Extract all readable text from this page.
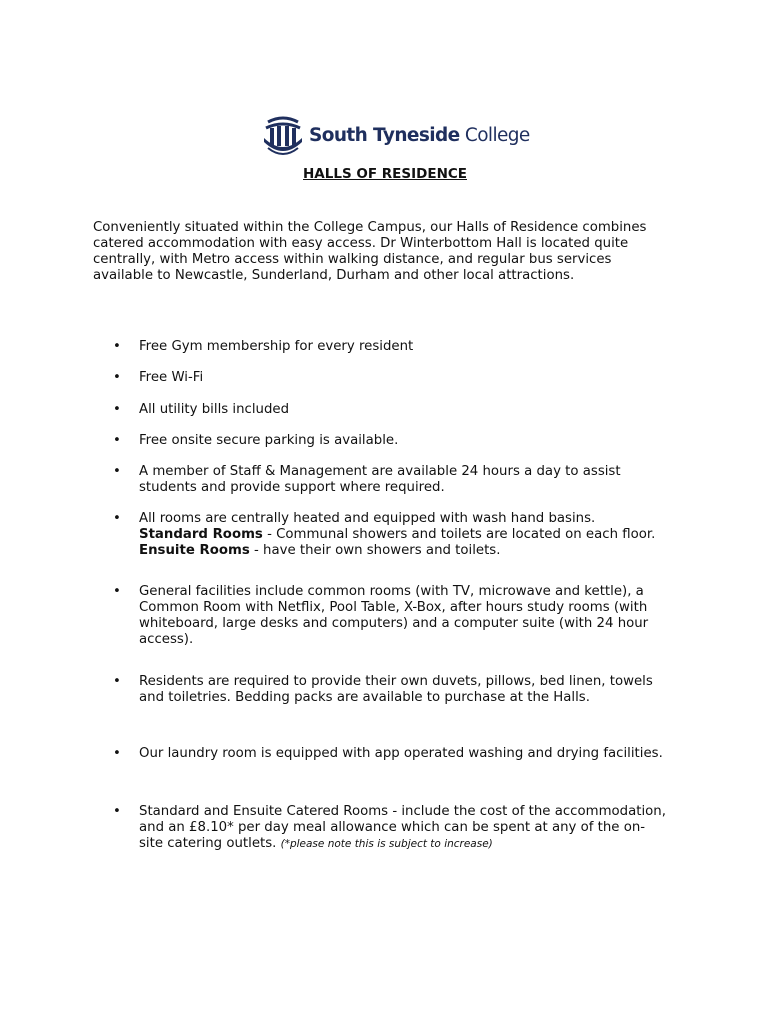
South Tyneside College
HALLS OF RESIDENCE

Conveniently situated within the College Campus, our Halls of Residence combines catered accommodation with easy access. Dr Winterbottom Hall is located quite centrally, with Metro access within walking distance, and regular bus services available to Newcastle, Sunderland, Durham and other local attractions.

• Free Gym membership for every resident
• Free Wi-Fi
• All utility bills included
• Free onsite secure parking is available.
• A member of Staff & Management are available 24 hours a day to assist students and provide support where required.
• All rooms are centrally heated and equipped with wash hand basins.
Standard Rooms - Communal showers and toilets are located on each floor. Ensuite Rooms - have their own showers and toilets.
• General facilities include common rooms (with TV, microwave and kettle), a Common Room with Netflix, Pool Table, X-Box, after hours study rooms (with whiteboard, large desks and computers) and a computer suite (with 24 hour access).
• Residents are required to provide their own duvets, pillows, bed linen, towels and toiletries. Bedding packs are available to purchase at the Halls.
• Our laundry room is equipped with app operated washing and drying facilities.
• Standard and Ensuite Catered Rooms - include the cost of the accommodation, and an £8.10* per day meal allowance which can be spent at any of the on-site catering outlets. (*please note this is subject to increase)
